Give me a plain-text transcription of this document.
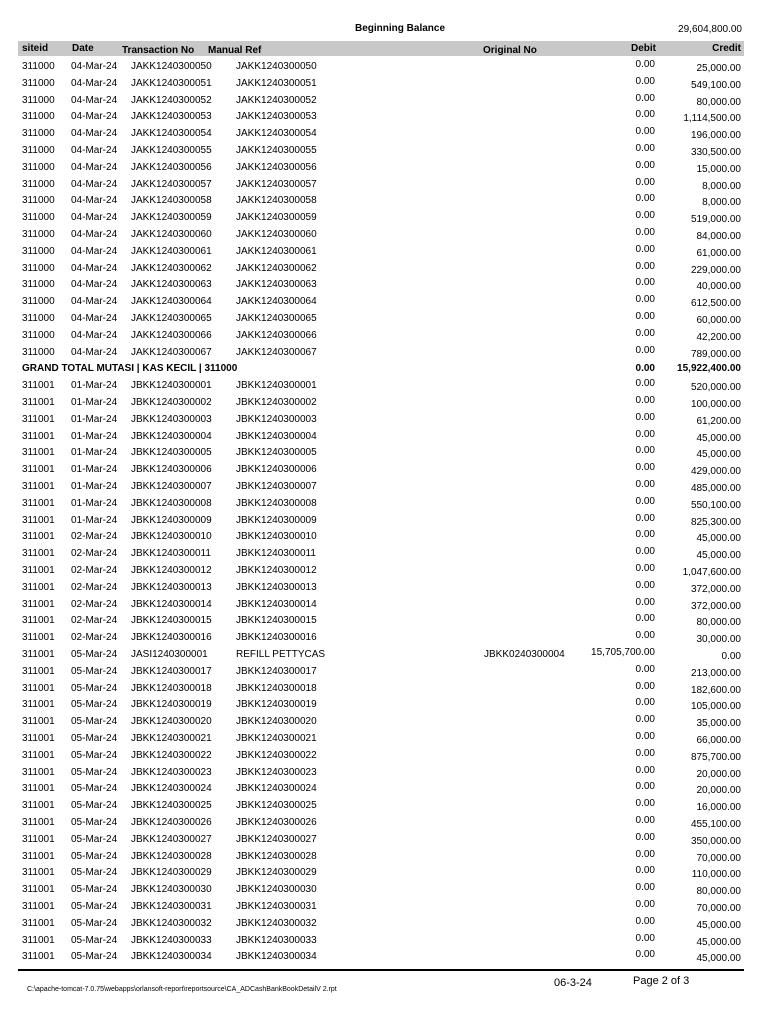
Beginning Balance	29,604,800.00
siteid Date	Transaction No Manual Ref	Original No	Debit	Credit
311000 04-Mar-24 JAKK1240300050 JAKK1240300050	0.00	25,000.00
311000 04-Mar-24 JAKK1240300051 JAKK1240300051	0.00	549,100.00
311000 04-Mar-24 JAKK1240300052 JAKK1240300052	0.00	80,000.00
311000 04-Mar-24 JAKK1240300053 JAKK1240300053	0.00	1,114,500.00
311000 04-Mar-24 JAKK1240300054 JAKK1240300054	0.00	196,000.00
311000 04-Mar-24 JAKK1240300055 JAKK1240300055	0.00	330,500.00
311000 04-Mar-24 JAKK1240300056 JAKK1240300056	0.00	15,000.00
311000 04-Mar-24 JAKK1240300057 JAKK1240300057	0.00	8,000.00
311000 04-Mar-24 JAKK1240300058 JAKK1240300058	0.00	8,000.00
311000 04-Mar-24 JAKK1240300059 JAKK1240300059	0.00	519,000.00
311000 04-Mar-24 JAKK1240300060 JAKK1240300060	0.00	84,000.00
311000 04-Mar-24 JAKK1240300061 JAKK1240300061	0.00	61,000.00
311000 04-Mar-24 JAKK1240300062 JAKK1240300062	0.00	229,000.00
311000 04-Mar-24 JAKK1240300063 JAKK1240300063	0.00	40,000.00
311000 04-Mar-24 JAKK1240300064 JAKK1240300064	0.00	612,500.00
311000 04-Mar-24 JAKK1240300065 JAKK1240300065	0.00	60,000.00
311000 04-Mar-24 JAKK1240300066 JAKK1240300066	0.00	42,200.00
311000 04-Mar-24 JAKK1240300067 JAKK1240300067	0.00	789,000.00
GRAND TOTAL MUTASI | KAS KECIL | 311000	0.00 15,922,400.00
311001 01-Mar-24 JBKK1240300001 JBKK1240300001	0.00	520,000.00
311001 01-Mar-24 JBKK1240300002 JBKK1240300002	0.00	100,000.00
311001 01-Mar-24 JBKK1240300003 JBKK1240300003	0.00	61,200.00
311001 01-Mar-24 JBKK1240300004 JBKK1240300004	0.00	45,000.00
311001 01-Mar-24 JBKK1240300005 JBKK1240300005	0.00	45,000.00
311001 01-Mar-24 JBKK1240300006 JBKK1240300006	0.00	429,000.00
311001 01-Mar-24 JBKK1240300007 JBKK1240300007	0.00	485,000.00
311001 01-Mar-24 JBKK1240300008 JBKK1240300008	0.00	550,100.00
311001 01-Mar-24 JBKK1240300009 JBKK1240300009	0.00	825,300.00
311001 02-Mar-24 JBKK1240300010 JBKK1240300010	0.00	45,000.00
311001 02-Mar-24 JBKK1240300011	JBKK1240300011	0.00	45,000.00
311001 02-Mar-24 JBKK1240300012 JBKK1240300012	0.00	1,047,600.00
311001 02-Mar-24 JBKK1240300013 JBKK1240300013	0.00	372,000.00
311001 02-Mar-24 JBKK1240300014 JBKK1240300014	0.00	372,000.00
311001 02-Mar-24 JBKK1240300015 JBKK1240300015	0.00	80,000.00
311001 02-Mar-24 JBKK1240300016 JBKK1240300016	0.00	30,000.00
311001 05-Mar-24 JASI1240300001	REFILL PETTYCAS	JBKK0240300004	15,705,700.00	0.00
311001 05-Mar-24 JBKK1240300017 JBKK1240300017	0.00	213,000.00
311001 05-Mar-24 JBKK1240300018 JBKK1240300018	0.00	182,600.00
311001 05-Mar-24 JBKK1240300019 JBKK1240300019	0.00	105,000.00
311001 05-Mar-24 JBKK1240300020 JBKK1240300020	0.00	35,000.00
311001 05-Mar-24 JBKK1240300021 JBKK1240300021	0.00	66,000.00
311001 05-Mar-24 JBKK1240300022 JBKK1240300022	0.00	875,700.00
311001 05-Mar-24 JBKK1240300023 JBKK1240300023	0.00	20,000.00
311001 05-Mar-24 JBKK1240300024 JBKK1240300024	0.00	20,000.00
311001 05-Mar-24 JBKK1240300025 JBKK1240300025	0.00	16,000.00
311001 05-Mar-24 JBKK1240300026 JBKK1240300026	0.00	455,100.00
311001 05-Mar-24 JBKK1240300027 JBKK1240300027	0.00	350,000.00
311001 05-Mar-24 JBKK1240300028 JBKK1240300028	0.00	70,000.00
311001 05-Mar-24 JBKK1240300029 JBKK1240300029	0.00	110,000.00
311001 05-Mar-24 JBKK1240300030 JBKK1240300030	0.00	80,000.00
311001 05-Mar-24 JBKK1240300031 JBKK1240300031	0.00	70,000.00
311001 05-Mar-24 JBKK1240300032 JBKK1240300032	0.00	45,000.00
311001 05-Mar-24 JBKK1240300033 JBKK1240300033	0.00	45,000.00
311001 05-Mar-24 JBKK1240300034 JBKK1240300034	0.00	45,000.00
C:\apache-tomcat-7.0.75\webapps\orlansoft-report\reportsource\CA_ADCashBankBookDetailV 2.rpt
06-3-24	Page 2 of 3
